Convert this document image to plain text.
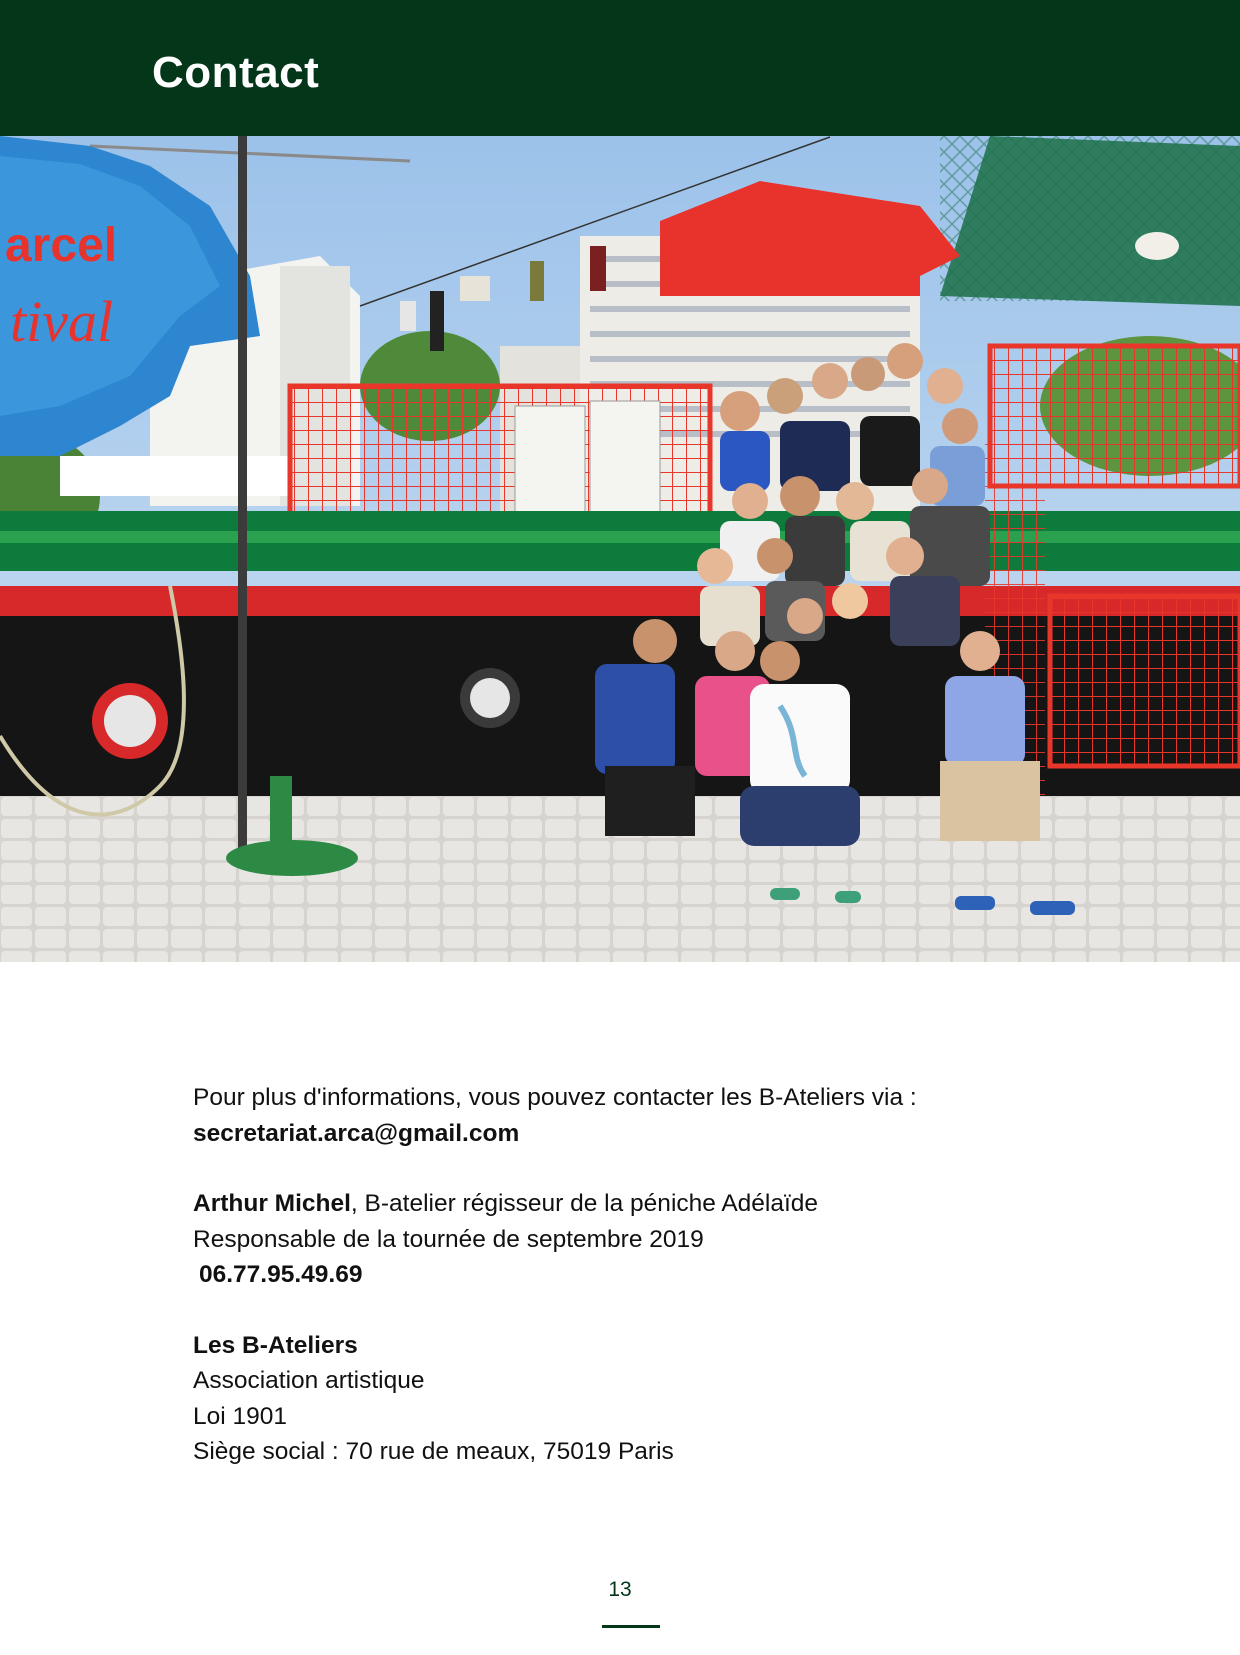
Contact
arcel
tival

Pour plus d'informations, vous pouvez contacter les B-Ateliers via :

secretariat.arca@gmail.com

Arthur Michel, B-atelier régisseur de la péniche Adélaïde

Responsable de la tournée de septembre 2019

06.77.95.49.69

Les B-Ateliers

Association artistique

Loi 1901

Siège social : 70 rue de meaux, 75019 Paris

13
